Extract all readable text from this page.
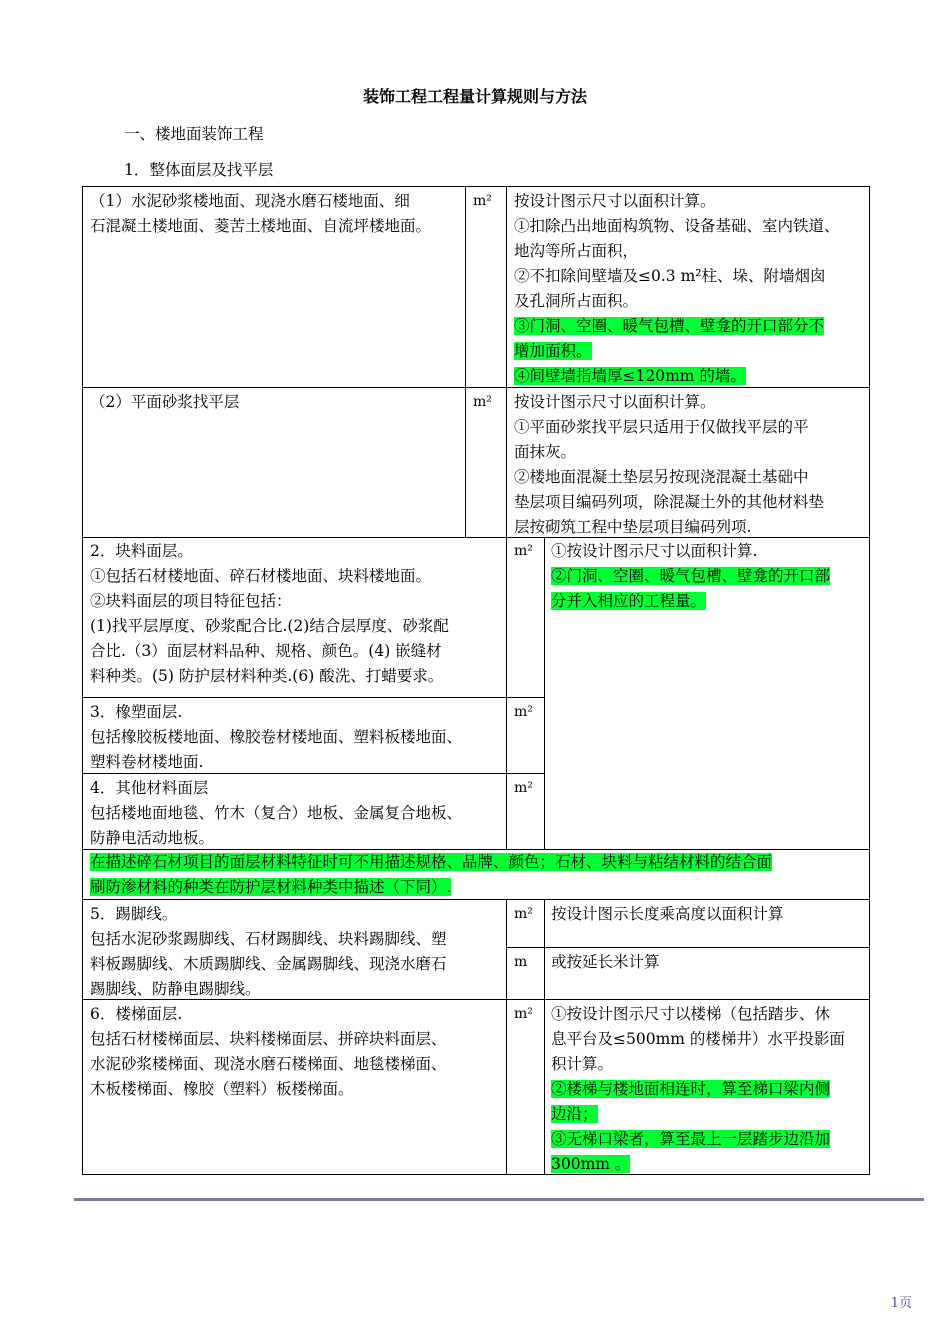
装饰工程工程量计算规则与方法
一、楼地面装饰工程
1．整体面层及找平层
（1）水泥砂浆楼地面、现浇水磨石楼地面、细
石混凝土楼地面、菱苦土楼地面、自流坪楼地面。
m² 按设计图示尺寸以面积计算。
①扣除凸出地面构筑物、设备基础、室内铁道、
地沟等所占面积，
②不扣除间壁墙及≤0.3 m²柱、垛、附墙烟囱
及孔洞所占面积。
③门洞、空圈、暖气包槽、壁龛的开口部分不
增加面积。
④间壁墙指墙厚≤120mm 的墙。
（2）平面砂浆找平层	m² 按设计图示尺寸以面积计算。
①平面砂浆找平层只适用于仅做找平层的平
面抹灰。
②楼地面混凝土垫层另按现浇混凝土基础中
垫层项目编码列项，除混凝土外的其他材料垫
层按砌筑工程中垫层项目编码列项.
2．块料面层。
①包括石材楼地面、碎石材楼地面、块料楼地面。
②块料面层的项目特征包括：
(1)找平层厚度、砂浆配合比.(2)结合层厚度、砂浆配
合比.（3）面层材料品种、规格、颜色。(4) 嵌缝材
料种类。(5) 防护层材料种类.(6) 酸洗、打蜡要求。
m² ①按设计图示尺寸以面积计算.
②门洞、空圈、暖气包槽、壁龛的开口部
分并入相应的工程量。
3．橡塑面层.
包括橡胶板楼地面、橡胶卷材楼地面、塑料板楼地面、
塑料卷材楼地面.
m²
4．其他材料面层
包括楼地面地毯、竹木（复合）地板、金属复合地板、
防静电活动地板。
m²
在描述碎石材项目的面层材料特征时可不用描述规格、品牌、颜色；石材、块料与粘结材料的结合面
刷防渗材料的种类在防护层材料种类中描述（下同）.
5．踢脚线。
包括水泥砂浆踢脚线、石材踢脚线、块料踢脚线、塑
料板踢脚线、木质踢脚线、金属踢脚线、现浇水磨石
踢脚线、防静电踢脚线。
m² 按设计图示长度乘高度以面积计算
m 或按延长米计算
6．楼梯面层.
包括石材楼梯面层、块料楼梯面层、拼碎块料面层、
水泥砂浆楼梯面、现浇水磨石楼梯面、地毯楼梯面、
木板楼梯面、橡胶（塑料）板楼梯面。
m² ①按设计图示尺寸以楼梯（包括踏步、休
息平台及≤500mm 的楼梯井）水平投影面
积计算。
②楼梯与楼地面相连时，算至梯口梁内侧
边沿；
③无梯口梁者，算至最上一层踏步边沿加
300mm 。
1页
